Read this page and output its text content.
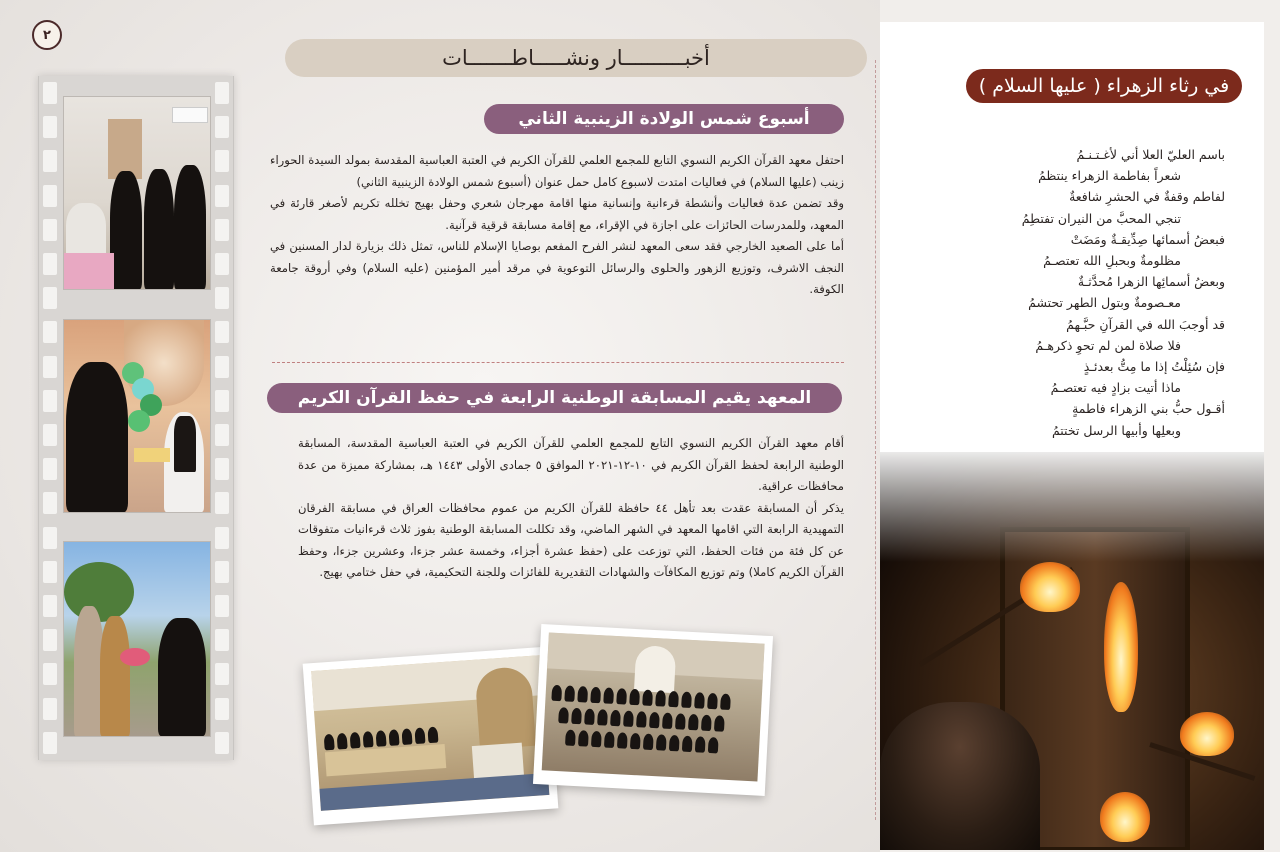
٢
أخبــــــــــار ونشـــــاطـــــــات
أسبوع شمس الولادة الزينبية الثاني

احتفل معهد القرآن الكريم النسوي التابع للمجمع العلمي للقرآن الكريم في العتبة العباسية المقدسة بمولد السيدة الحوراء زينب (عليها السلام) في فعاليات امتدت لاسبوع كامل حمل عنوان (أسبوع شمس الولادة الزينبية الثاني)

وقد تضمن عدة فعاليات وأنشطة قرءانية وإنسانية منها اقامة مهرجان شعري وحفل بهيج تخلله تكريم لأصغر قارئة في المعهد، وللمدرسات الحائزات على اجازة في الإقراء، مع إقامة مسابقة قرقية قرآنية.

أما على الصعيد الخارجي فقد سعى المعهد لنشر الفرح المفعم بوصايا الإسلام للناس، تمثل ذلك بزيارة لدار المسنين في النجف الاشرف، وتوزيع الزهور والحلوى والرسائل التوعوية في مرقد أمير المؤمنين (عليه السلام) وفي أروقة جامعة الكوفة.

المعهد يقيم المسابقة الوطنية الرابعة في حفظ القرآن الكريم

أقام معهد القرآن الكريم النسوي التابع للمجمع العلمي للقرآن الكريم في العتبة العباسية المقدسة، المسابقة الوطنية الرابعة لحفظ القرآن الكريم في ١٠-١٢-٢٠٢١ الموافق ٥ جمادى الأولى ١٤٤٣ هـ، بمشاركة مميزة من عدة محافظات عراقية.

يذكر أن المسابقة عقدت بعد تأهل ٤٤ حافظة للقرآن الكريم من عموم محافظات العراق في مسابقة الفرقان التمهيدية الرابعة التي اقامها المعهد في الشهر الماضي، وقد تكللت المسابقة الوطنية بفوز ثلاث قرءانيات متفوقات عن كل فئة من فئات الحفظ، التي توزعت على (حفظ عشرة أجزاء، وخمسة عشر جزءا، وعشرين جزءا، وحفظ القرآن الكريم كاملا) وتم توزيع المكافآت والشهادات التقديرية للفائزات وللجنة التحكيمية، في حفل ختامي بهيج.

في رثاء الزهراء ( عليها السلام )
باسم العليّ العلا أني لأغـتـنـمُ
شعراً بفاطمة الزهراء ينتظمُ
لفاطم وقفةٌ في الحشرِ شافعةٌ
تنجي المحبَّ من النيران تفتطِمُ
فبعضُ أسمائها صِدِّيقـةٌ ومَضَتْ
مظلومةٌ وبحبلِ الله تعتصـمُ
وبعضُ أسمائِها الزهرا مُحدَّثـةٌ
معـصومةٌ وبتول الطهر تحتشمُ
قد أوجبَ الله في القرآنِ حبَّـهمُ
فلا صلاة لمن لم تحوِ ذكرهـمُ
فإن سُئِلْتُ إذا ما مِتُّ بعدئـذٍ
ماذا أتيت بزادٍ فيه تعتصـمُ
أقـول حبُّ بني الزهراء فاطمةٍ
وبعلِها وأبيها الرسل تختتمُ
